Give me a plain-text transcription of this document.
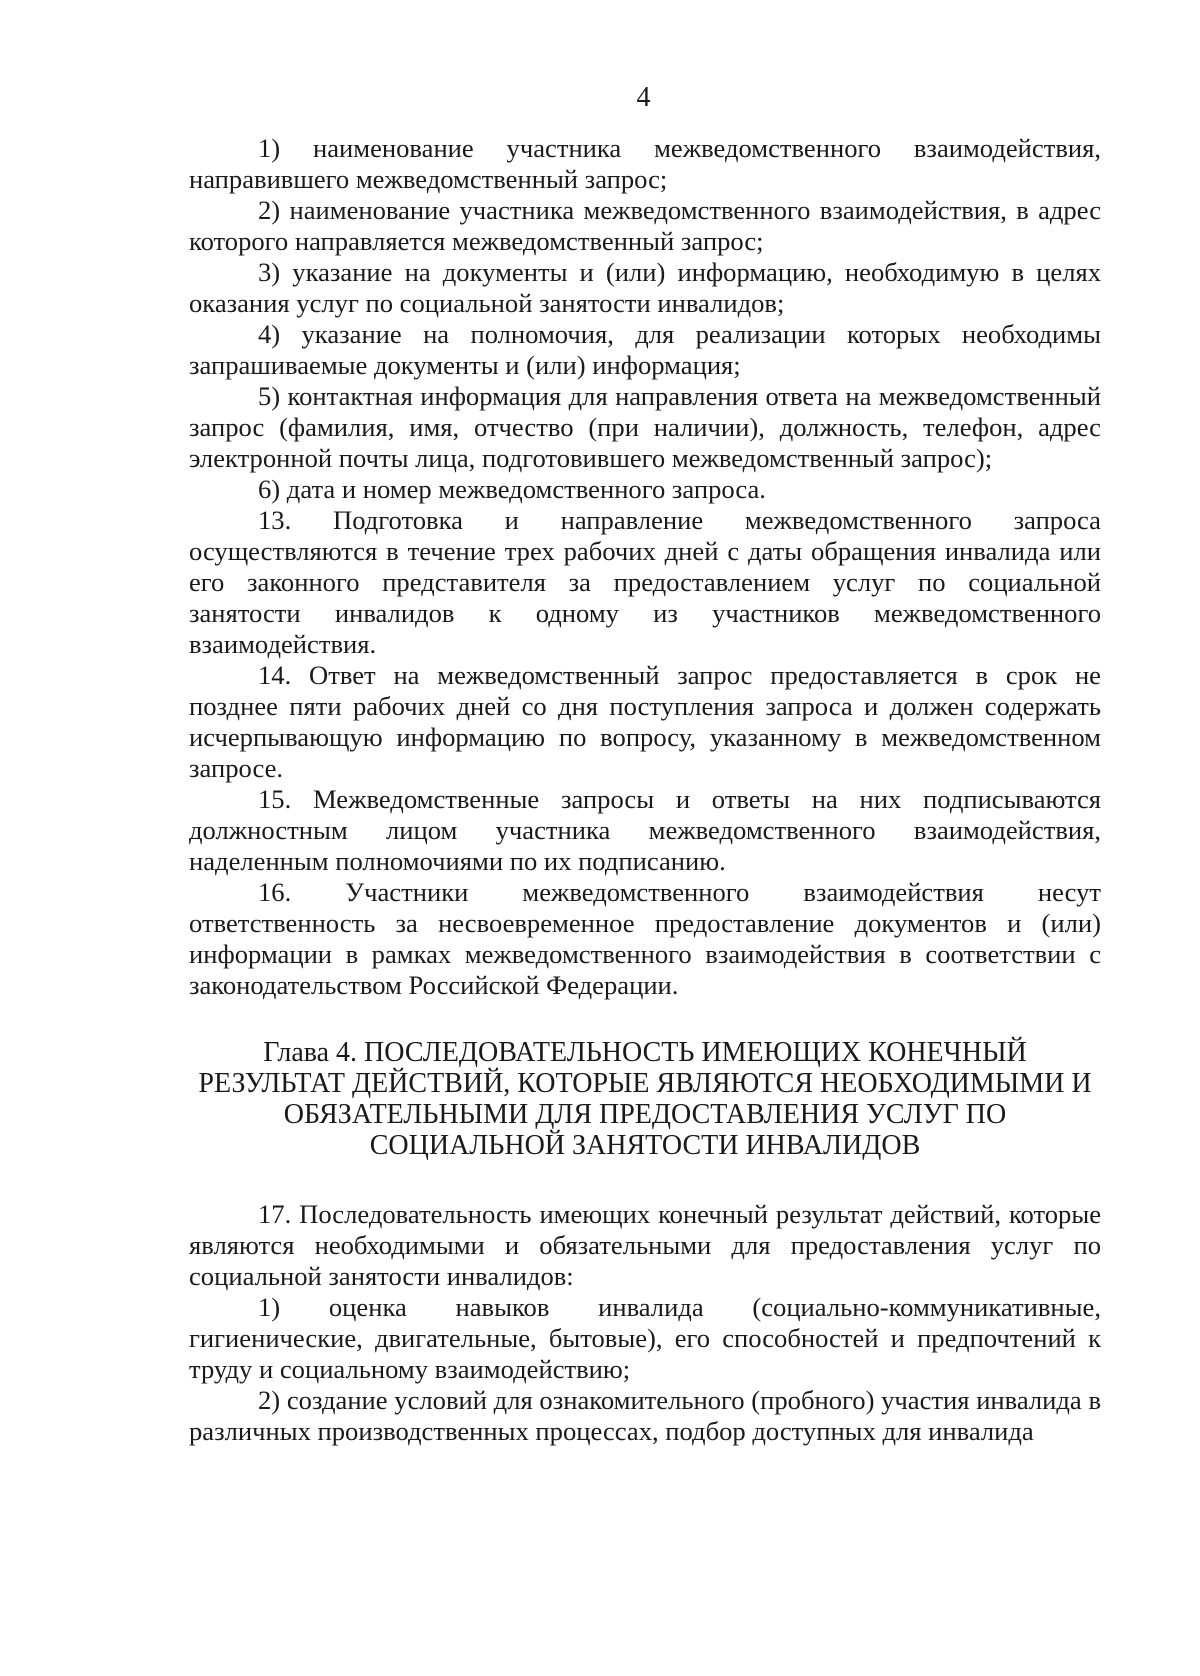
4

1) наименование участника межведомственного взаимодействия, направившего межведомственный запрос;

2) наименование участника межведомственного взаимодействия, в адрес которого направляется межведомственный запрос;

3) указание на документы и (или) информацию, необходимую в целях оказания услуг по социальной занятости инвалидов;

4) указание на полномочия, для реализации которых необходимы запрашиваемые документы и (или) информация;

5) контактная информация для направления ответа на межведомственный запрос (фамилия, имя, отчество (при наличии), должность, телефон, адрес электронной почты лица, подготовившего межведомственный запрос);

6) дата и номер межведомственного запроса.

13. Подготовка и направление межведомственного запроса осуществляются в течение трех рабочих дней с даты обращения инвалида или его законного представителя за предоставлением услуг по социальной занятости инвалидов к одному из участников межведомственного взаимодействия.

14. Ответ на межведомственный запрос предоставляется в срок не позднее пяти рабочих дней со дня поступления запроса и должен содержать исчерпывающую информацию по вопросу, указанному в межведомственном запросе.

15. Межведомственные запросы и ответы на них подписываются должностным лицом участника межведомственного взаимодействия, наделенным полномочиями по их подписанию.

16. Участники межведомственного взаимодействия несут ответственность за несвоевременное предоставление документов и (или) информации в рамках межведомственного взаимодействия в соответствии с законодательством Российской Федерации.

Глава 4. ПОСЛЕДОВАТЕЛЬНОСТЬ ИМЕЮЩИХ КОНЕЧНЫЙ РЕЗУЛЬТАТ ДЕЙСТВИЙ, КОТОРЫЕ ЯВЛЯЮТСЯ НЕОБХОДИМЫМИ И ОБЯЗАТЕЛЬНЫМИ ДЛЯ ПРЕДОСТАВЛЕНИЯ УСЛУГ ПО СОЦИАЛЬНОЙ ЗАНЯТОСТИ ИНВАЛИДОВ

17. Последовательность имеющих конечный результат действий, которые являются необходимыми и обязательными для предоставления услуг по социальной занятости инвалидов:

1) оценка навыков инвалида (социально-коммуникативные, гигиенические, двигательные, бытовые), его способностей и предпочтений к труду и социальному взаимодействию;

2) создание условий для ознакомительного (пробного) участия инвалида в различных производственных процессах, подбор доступных для инвалида
